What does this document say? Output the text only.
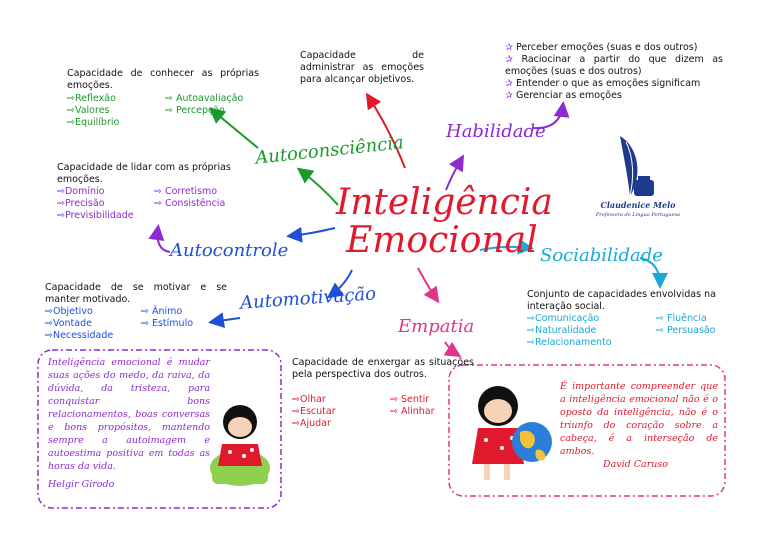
Inteligência
Emocional
Autoconsciência
Habilidade
Autocontrole
Automotivação
Empatia
Sociabilidade
Capacidade de conhecer as próprias emoções.
⇨Reflexão
⇨Valores
⇨Equilíbrio
⇨ Autoavaliação
⇨ Percepção
Capacidade de administrar as emoções para alcançar objetivos.
✰ Perceber emoções (suas e dos outros)
✰ Raciocinar a partir do que dizem as emoções (suas e dos outros)
✰ Entender o que as emoções significam
✰ Gerenciar as emoções
Capacidade de lidar com as próprias emoções.
⇨Domínio
⇨Precisão
⇨Previsibilidade
⇨ Corretismo
⇨ Consistência
Capacidade de se motivar e se manter motivado.
⇨Objetivo
⇨Vontade
⇨Necessidade
⇨ Ânimo
⇨ Estímulo
Capacidade de enxergar as situações pela perspectiva dos outros.
⇨Olhar
⇨Escutar
⇨Ajudar
⇨ Sentir
⇨ Alinhar
Conjunto de capacidades envolvidas na interação social.
⇨Comunicação
⇨Naturalidade
⇨Relacionamento
⇨ Fluência
⇨ Persuasão
Claudenice Melo
Professora de Língua Portuguesa
Inteligência emocional é mudar suas ações do medo, da raiva, da dúvida, da tristeza, para conquistar bons relacionamentos, boas conversas e bons propósitos, mantendo sempre a autoimagem e autoestima positiva em todas as horas da vida.
Helgir Girodo
É importante compreender que a inteligência emocional não é o oposto da inteligência, não é o triunfo do coração sobre a cabeça, é a interseção de ambos.
David Caruso
